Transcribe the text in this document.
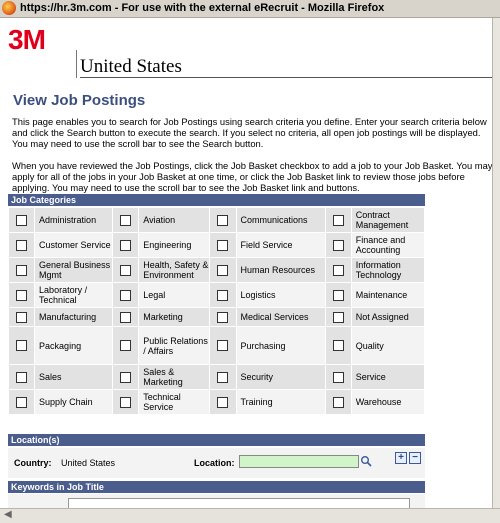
https://hr.3m.com - For use with the external eRecruit - Mozilla Firefox
3M
United States
View Job Postings

This page enables you to search for Job Postings using search criteria you define. Enter your search criteria below and click the Search button to execute the search. If you select no criteria, all open job postings will be displayed. You may need to use the scroll bar to see the Search button.

When you have reviewed the Job Postings, click the Job Basket checkbox to add a job to your Job Basket. You may apply for all of the jobs in your Job Basket at one time, or click the Job Basket link to review those jobs before applying. You may need to use the scroll bar to see the Job Basket link and buttons.

Job Categories
	Administration		Aviation		Communications		Contract Management
	Customer Service		Engineering		Field Service		Finance and Accounting
	General Business Mgmt		Health, Safety & Environment		Human Resources		Information Technology
	Laboratory / Technical		Legal		Logistics		Maintenance
	Manufacturing		Marketing		Medical Services		Not Assigned
	Packaging		Public Relations / Affairs		Purchasing		Quality
	Sales		Sales & Marketing		Security		Service
	Supply Chain		Technical Service		Training		Warehouse
Location(s)
Country: United States	Location:	+ −
Keywords in Job Title
◀
